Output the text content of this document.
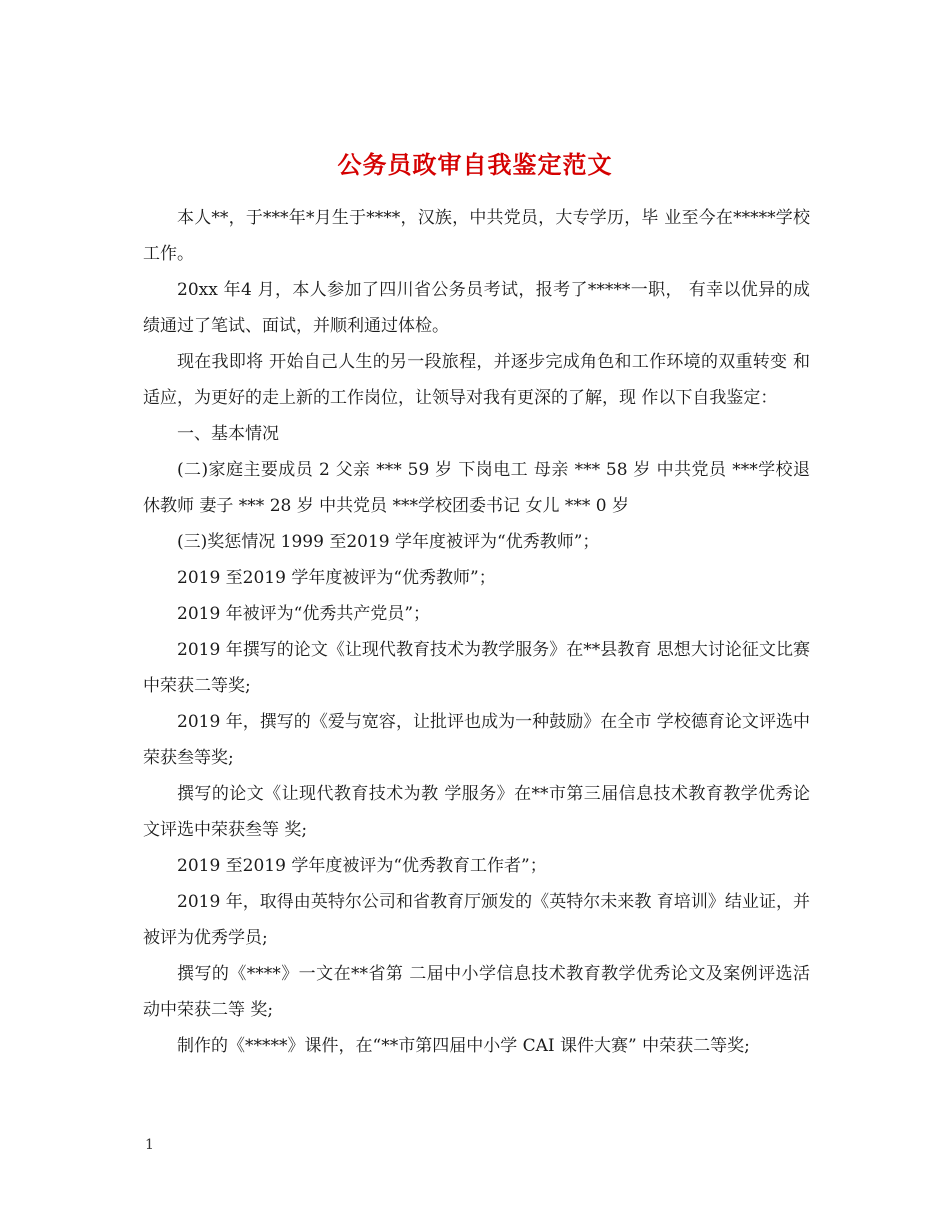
公务员政审自我鉴定范文

本人**，于***年*月生于****，汉族，中共党员，大专学历，毕 业至今在*****学校工作。

20xx 年4 月，本人参加了四川省公务员考试，报考了*****一职， 有幸以优异的成绩通过了笔试、面试，并顺利通过体检。

现在我即将 开始自己人生的另一段旅程，并逐步完成角色和工作环境的双重转变 和适应，为更好的走上新的工作岗位，让领导对我有更深的了解，现 作以下自我鉴定：

一、基本情况

(二)家庭主要成员 2 父亲 *** 59 岁 下岗电工 母亲 *** 58 岁 中共党员 ***学校退休教师 妻子 *** 28 岁 中共党员 ***学校团委书记 女儿 *** 0 岁

(三)奖惩情况 1999 至2019 学年度被评为“优秀教师”；

2019 至2019 学年度被评为“优秀教师”；

2019 年被评为“优秀共产党员”；

2019 年撰写的论文《让现代教育技术为教学服务》在**县教育 思想大讨论征文比赛中荣获二等奖;

2019 年，撰写的《爱与宽容，让批评也成为一种鼓励》在全市 学校德育论文评选中荣获叁等奖;

撰写的论文《让现代教育技术为教 学服务》在**市第三届信息技术教育教学优秀论文评选中荣获叁等 奖;

2019 至2019 学年度被评为“优秀教育工作者”；

2019 年，取得由英特尔公司和省教育厅颁发的《英特尔未来教 育培训》结业证，并被评为优秀学员;

撰写的《****》一文在**省第 二届中小学信息技术教育教学优秀论文及案例评选活动中荣获二等 奖;

制作的《*****》课件，在“**市第四届中小学 CAI 课件大赛” 中荣获二等奖;

1
